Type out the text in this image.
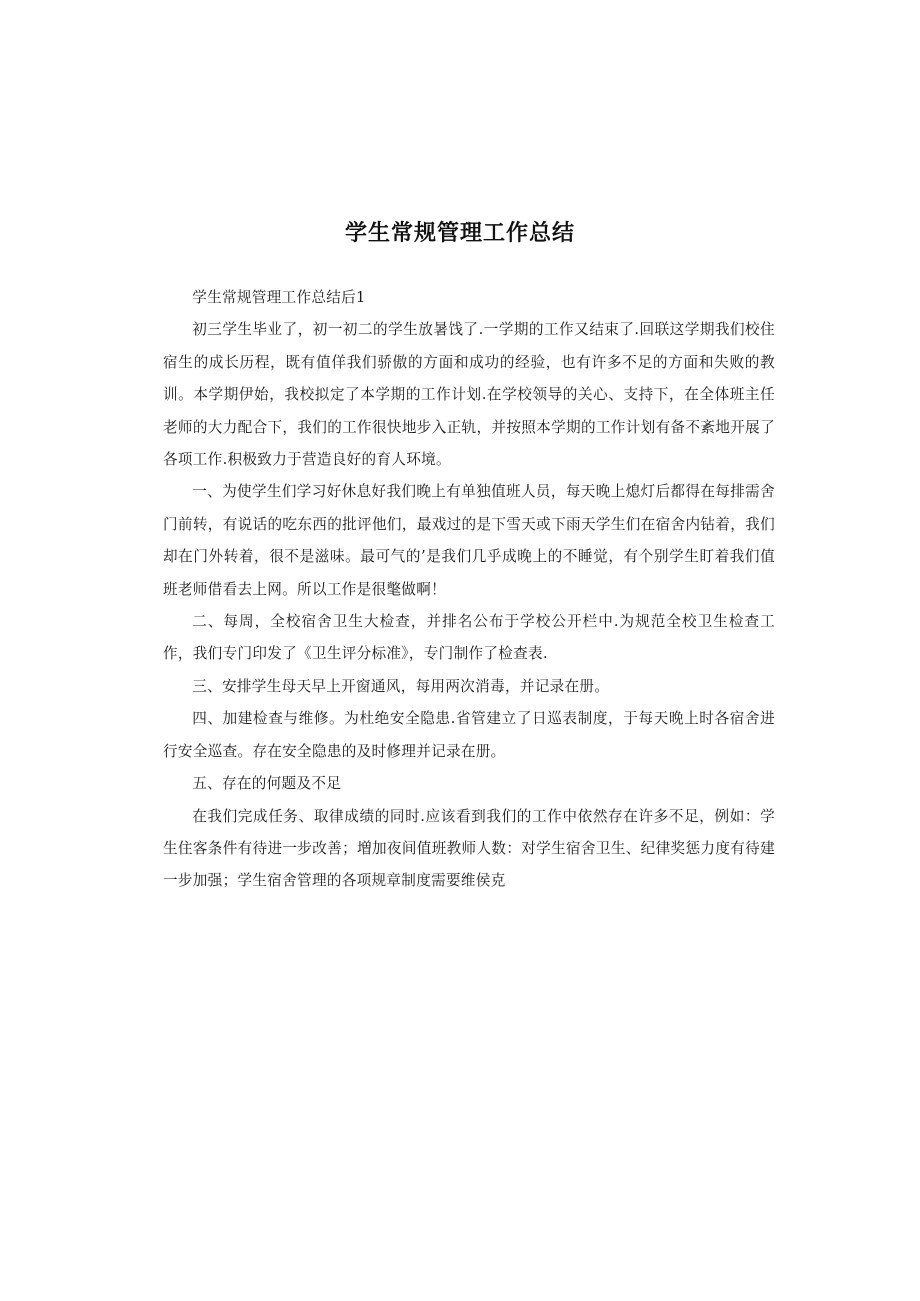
学生常规管理工作总结

学生常规管理工作总结后1

初三学生毕业了，初一初二的学生放暑饯了.一学期的工作又结束了.回联这学期我们校住宿生的成长历程，既有值佯我们骄傲的方面和成功的经验，也有许多不足的方面和失败的教训。本学期伊始，我校拟定了本学期的工作计划.在学校领导的关心、支持下，在全体班主任老师的大力配合下，我们的工作很快地步入正轨，并按照本学期的工作计划有备不紊地开展了各项工作.积极致力于营造良好的育人环境。

一、为使学生们学习好休息好我们晚上有单独值班人员，每天晚上熄灯后都得在每排需舍门前转，有说话的吃东西的批评他们，最戏过的是下雪天或下雨天学生们在宿舍内钻着，我们却在门外转着，很不是滋味。最可气的’是我们几乎成晚上的不睡觉，有个别学生盯着我们值班老师借看去上网。所以工作是很氅做啊！

二、每周，全校宿舍卫生大检查，并排名公布于学校公开栏中.为规范全校卫生检查工作，我们专门印发了《卫生评分标准》，专门制作了检查表.

三、安排学生母天早上开窗通风，每用两次消毒，并记录在册。

四、加建检查与维修。为杜绝安全隐患.省管建立了日巡表制度，于每天晚上时各宿舍进行安全巡查。存在安全隐患的及时修理并记录在册。

五、存在的何题及不足

在我们完成任务、取律成绩的同时.应该看到我们的工作中依然存在许多不足，例如：学生住客条件有待进一步改善；増加夜间值班教师人数：对学生宿舍卫生、纪律奖惩力度有待建一步加强；学生宿舍管理的各项规章制度需要维侯克
